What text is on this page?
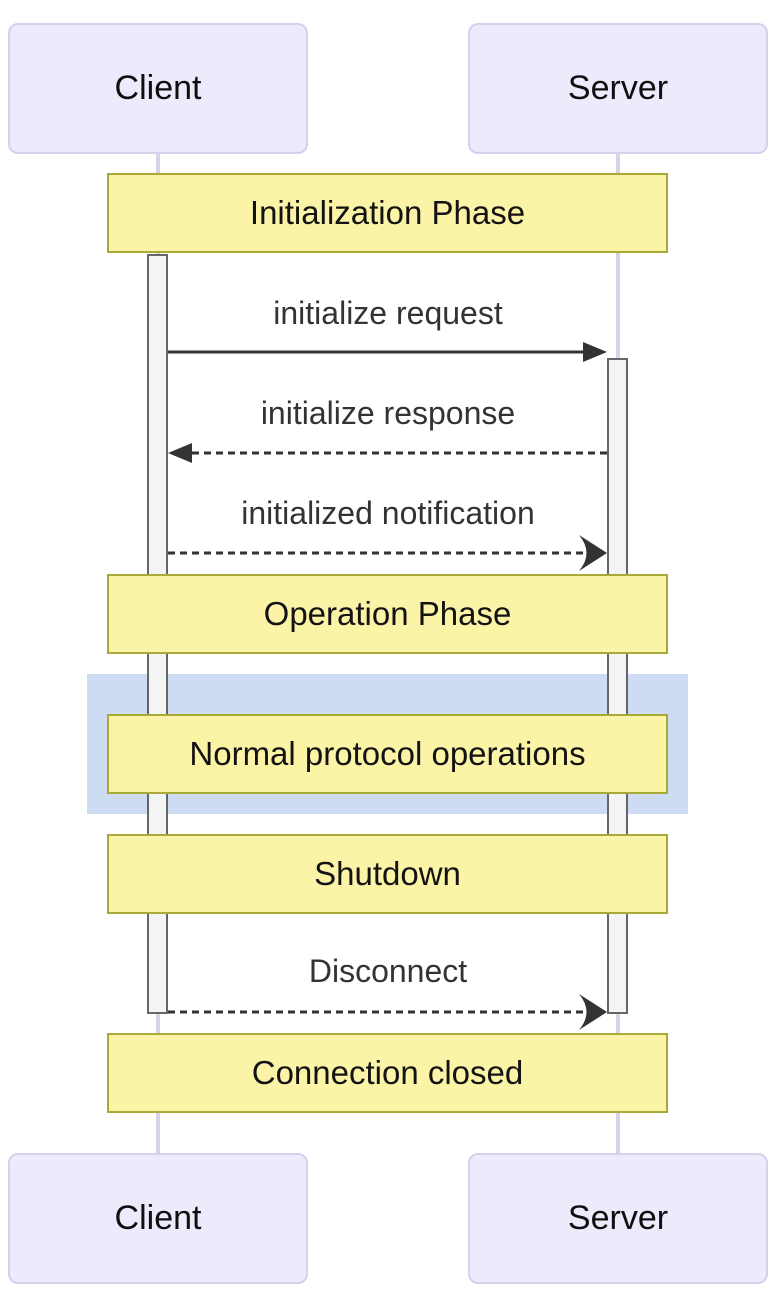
Initialization Phase
Operation Phase
Normal protocol operations
Shutdown
Connection closed
initialize request
initialize response
initialized notification
Disconnect
Client	Server
Client	Server
